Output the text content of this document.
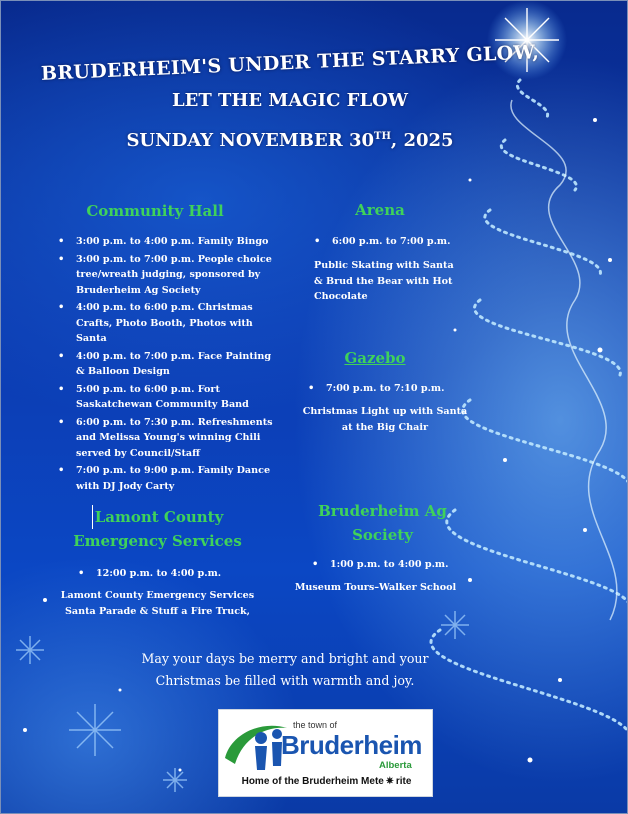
BRUDERHEIM'S UNDER THE STARRY GLOW,
LET THE MAGIC FLOW
SUNDAY NOVEMBER 30TH, 2025
Community Hall
• 3:00 p.m. to 4:00 p.m. Family Bingo
• 3:00 p.m. to 7:00 p.m. People choice tree/wreath judging, sponsored by Bruderheim Ag Society
• 4:00 p.m. to 6:00 p.m. Christmas Crafts, Photo Booth, Photos with Santa
• 4:00 p.m. to 7:00 p.m. Face Painting & Balloon Design
• 5:00 p.m. to 6:00 p.m. Fort Saskatchewan Community Band
• 6:00 p.m. to 7:30 p.m. Refreshments and Melissa Young's winning Chili served by Council/Staff
• 7:00 p.m. to 9:00 p.m. Family Dance with DJ Jody Carty
Lamont County
Emergency Services
• 12:00 p.m. to 4:00 p.m.
Lamont County Emergency Services
Santa Parade & Stuff a Fire Truck,
Arena
• 6:00 p.m. to 7:00 p.m.
Public Skating with Santa & Brud the Bear with Hot Chocolate
Gazebo
• 7:00 p.m. to 7:10 p.m.
Christmas Light up with Santa
at the Big Chair
Bruderheim Ag
Society
• 1:00 p.m. to 4:00 p.m.
Museum Tours–Walker School
May your days be merry and bright and your
Christmas be filled with warmth and joy.
the town of
Bruderheim
Alberta
Home of the Bruderheim Mete ✷ rite
